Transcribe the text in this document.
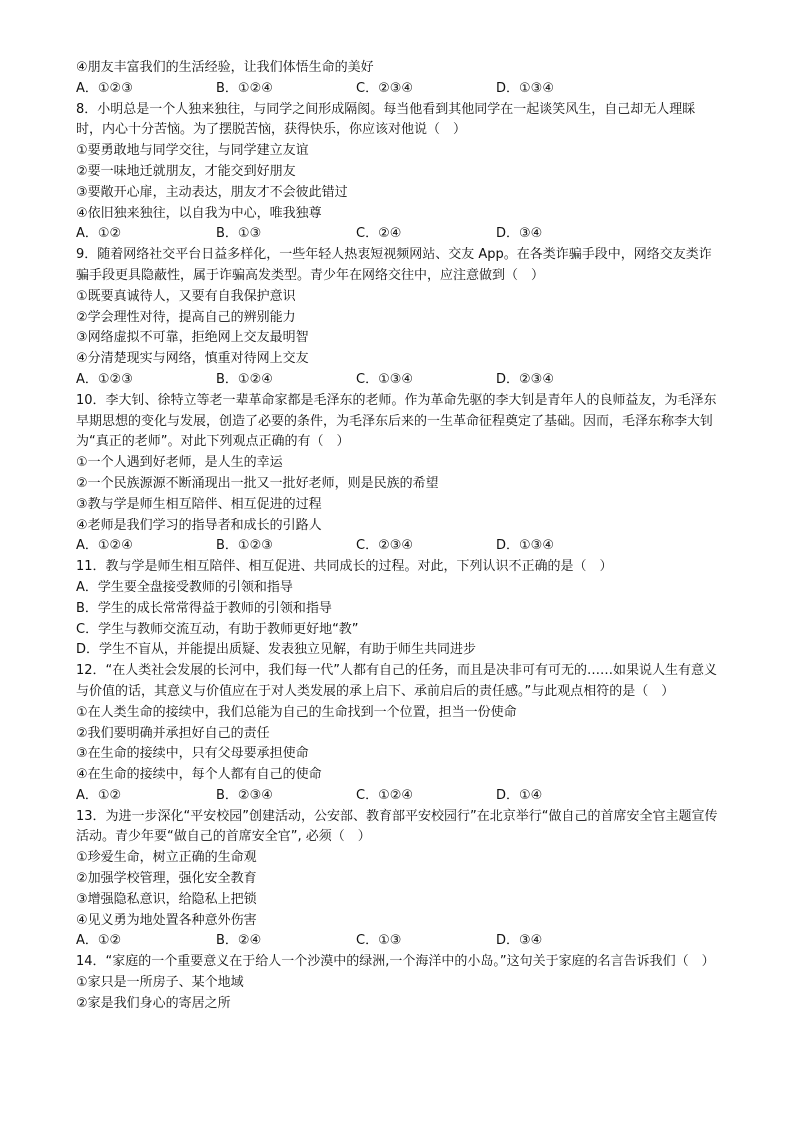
④朋友丰富我们的生活经验，让我们体悟生命的美好
A．①②③	B．①②④	C．②③④	D．①③④
8．小明总是一个人独来独往，与同学之间形成隔阂。每当他看到其他同学在一起谈笑风生，自己却无人理睬时，内心十分苦恼。为了摆脱苦恼，获得快乐，你应该对他说（　）
①要勇敢地与同学交往，与同学建立友谊
②要一味地迁就朋友，才能交到好朋友
③要敞开心扉，主动表达，朋友才不会彼此错过
④依旧独来独往，以自我为中心，唯我独尊
A．①②	B．①③	C．②④	D．③④
9．随着网络社交平台日益多样化，一些年轻人热衷短视频网站、交友 App。在各类诈骗手段中，网络交友类诈骗手段更具隐蔽性，属于诈骗高发类型。青少年在网络交往中，应注意做到（　）
①既要真诚待人，又要有自我保护意识
②学会理性对待，提高自己的辨别能力
③网络虚拟不可靠，拒绝网上交友最明智
④分清楚现实与网络，慎重对待网上交友
A．①②③	B．①②④	C．①③④	D．②③④
10．李大钊、徐特立等老一辈革命家都是毛泽东的老师。作为革命先驱的李大钊是青年人的良师益友，为毛泽东早期思想的变化与发展，创造了必要的条件，为毛泽东后来的一生革命征程奠定了基础。因而，毛泽东称李大钊为“真正的老师”。对此下列观点正确的有（　）
①一个人遇到好老师，是人生的幸运
②一个民族源源不断涌现出一批又一批好老师，则是民族的希望
③教与学是师生相互陪伴、相互促进的过程
④老师是我们学习的指导者和成长的引路人
A．①②④	B．①②③	C．②③④	D．①③④
11．教与学是师生相互陪伴、相互促进、共同成长的过程。对此，下列认识不正确的是（　）
A．学生要全盘接受教师的引领和指导
B．学生的成长常常得益于教师的引领和指导
C．学生与教师交流互动，有助于教师更好地“教”
D．学生不盲从，并能提出质疑、发表独立见解，有助于师生共同进步
12．“在人类社会发展的长河中，我们每一代”人都有自己的任务，而且是决非可有可无的……如果说人生有意义与价值的话，其意义与价值应在于对人类发展的承上启下、承前启后的责任感。”与此观点相符的是（　）
①在人类生命的接续中，我们总能为自己的生命找到一个位置，担当一份使命
②我们要明确并承担好自己的责任
③在生命的接续中，只有父母要承担使命
④在生命的接续中，每个人都有自己的使命
A．①②	B．②③④	C．①②④	D．①④
13．为进一步深化“平安校园”创建活动，公安部、教育部平安校园行”在北京举行“做自己的首席安全官主题宣传活动。青少年要“做自己的首席安全官”, 必须（　）
①珍爱生命，树立正确的生命观
②加强学校管理，强化安全教育
③增强隐私意识，给隐私上把锁
④见义勇为地处置各种意外伤害
A．①②	B．②④	C．①③	D．③④
14．“家庭的一个重要意义在于给人一个沙漠中的绿洲,一个海洋中的小岛。”这句关于家庭的名言告诉我们（　）
①家只是一所房子、某个地域
②家是我们身心的寄居之所
